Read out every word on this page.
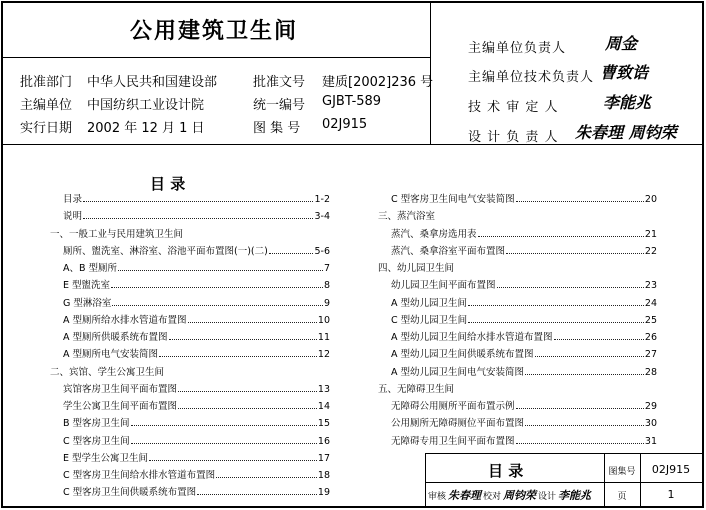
公用建筑卫生间
批准部门 中华人民共和国建设部	批准文号 建质[2002]236 号
主编单位 中国纺织工业设计院	统一编号 GJBT-589
实行日期 2002 年 12 月 1 日	图 集 号 02J915
主编单位负责人 周金
主编单位技术负责人 曹致诰
技 术 审 定 人	李能兆
设 计 负 责 人 朱春理 周钧荣
目 录
目录	1-2
说明	3-4
一、一般工业与民用建筑卫生间
厕所、盥洗室、淋浴室、浴池平面布置图(一)(二)	5-6
A、B 型厕所	7
E 型盥洗室	8
G 型淋浴室	9
A 型厕所给水排水管道布置图	10
A 型厕所供暖系统布置图	11
A 型厕所电气安装简图	12
二、宾馆、学生公寓卫生间
宾馆客房卫生间平面布置图	13
学生公寓卫生间平面布置图	14
B 型客房卫生间	15
C 型客房卫生间	16
E 型学生公寓卫生间	17
C 型客房卫生间给水排水管道布置图	18
C 型客房卫生间供暖系统布置图	19
C 型客房卫生间电气安装简图	20
三、蒸汽浴室
蒸汽、桑拿房选用表	21
蒸汽、桑拿浴室平面布置图	22
四、幼儿园卫生间
幼儿园卫生间平面布置图	23
A 型幼儿园卫生间	24
C 型幼儿园卫生间	25
A 型幼儿园卫生间给水排水管道布置图	26
A 型幼儿园卫生间供暖系统布置图	27
A 型幼儿园卫生间电气安装简图	28
五、无障碍卫生间
无障碍公用厕所平面布置示例	29
公用厕所无障碍厕位平面布置图	30
无障碍专用卫生间平面布置图	31
目 录	图集号	02J915
审核 朱春理 校对 周钧荣 设计 李能兆	页	1
